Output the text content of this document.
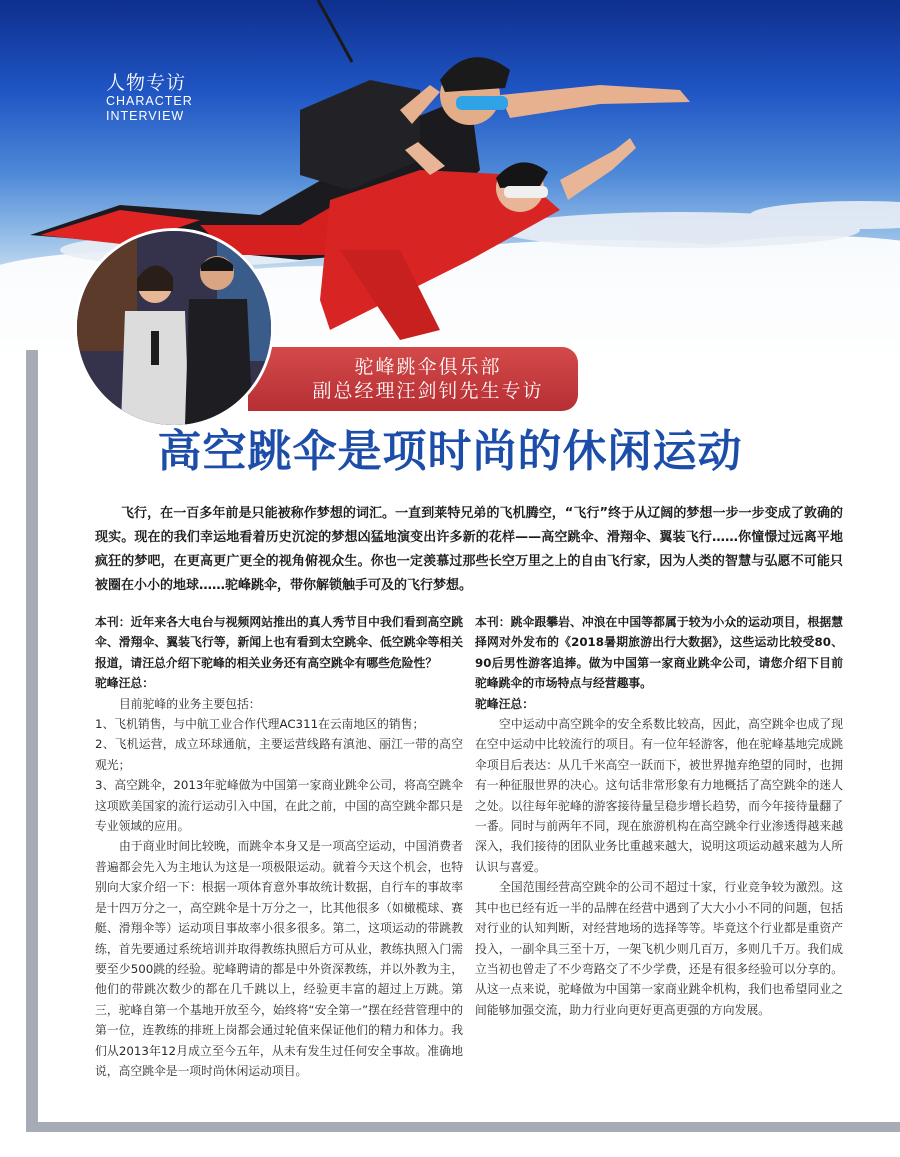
人物专访
CHARACTER
INTERVIEW
驼峰跳伞俱乐部
副总经理汪剑钊先生专访
高空跳伞是项时尚的休闲运动
飞行，在一百多年前是只能被称作梦想的词汇。一直到莱特兄弟的飞机腾空，“飞行”终于从辽阔的梦想一步一步变成了敦确的现实。现在的我们幸运地看着历史沉淀的梦想凶猛地演变出许多新的花样——高空跳伞、滑翔伞、翼装飞行……你憧憬过远离平地疯狂的梦吧，在更高更广更全的视角俯视众生。你也一定羡慕过那些长空万里之上的自由飞行家，因为人类的智慧与弘愿不可能只被圈在小小的地球……驼峰跳伞，带你解锁触手可及的飞行梦想。
本刊：近年来各大电台与视频网站推出的真人秀节目中我们看到高空跳伞、滑翔伞、翼装飞行等，新闻上也有看到太空跳伞、低空跳伞等相关报道，请汪总介绍下驼峰的相关业务还有高空跳伞有哪些危险性？
驼峰汪总：
目前驼峰的业务主要包括：
1、飞机销售，与中航工业合作代理AC311在云南地区的销售；
2、飞机运营，成立环球通航，主要运营线路有滇池、丽江一带的高空观光；
3、高空跳伞，2013年驼峰做为中国第一家商业跳伞公司，将高空跳伞这项欧美国家的流行运动引入中国，在此之前，中国的高空跳伞都只是专业领域的应用。
由于商业时间比较晚，而跳伞本身又是一项高空运动，中国消费者普遍都会先入为主地认为这是一项极限运动。就着今天这个机会，也特别向大家介绍一下：根据一项体育意外事故统计数据，自行车的事故率是十四万分之一，高空跳伞是十万分之一，比其他很多（如橄榄球、赛艇、滑翔伞等）运动项目事故率小很多很多。第二，这项运动的带跳教练，首先要通过系统培训并取得教练执照后方可从业，教练执照入门需要至少500跳的经验。驼峰聘请的都是中外资深教练，并以外教为主，他们的带跳次数少的都在几千跳以上，经验更丰富的超过上万跳。第三，驼峰自第一个基地开放至今，始终将“安全第一”摆在经营管理中的第一位，连教练的排班上岗都会通过轮值来保证他们的精力和体力。我们从2013年12月成立至今五年，从未有发生过任何安全事故。准确地说，高空跳伞是一项时尚休闲运动项目。
本刊：跳伞跟攀岩、冲浪在中国等都属于较为小众的运动项目，根据慧择网对外发布的《2018暑期旅游出行大数据》，这些运动比较受80、90后男性游客追捧。做为中国第一家商业跳伞公司，请您介绍下目前驼峰跳伞的市场特点与经营趣事。
驼峰汪总：
空中运动中高空跳伞的安全系数比较高，因此，高空跳伞也成了现在空中运动中比较流行的项目。有一位年轻游客，他在驼峰基地完成跳伞项目后表达：从几千米高空一跃而下，被世界抛弃绝望的同时，也拥有一种征服世界的决心。这句话非常形象有力地概括了高空跳伞的迷人之处。以往每年驼峰的游客接待量呈稳步增长趋势，而今年接待量翻了一番。同时与前两年不同，现在旅游机构在高空跳伞行业渗透得越来越深入，我们接待的团队业务比重越来越大，说明这项运动越来越为人所认识与喜爱。
全国范围经营高空跳伞的公司不超过十家，行业竞争较为激烈。这其中也已经有近一半的品牌在经营中遇到了大大小小不同的问题，包括对行业的认知判断，对经营地场的选择等等。毕竟这个行业都是重资产投入，一副伞具三至十万，一架飞机少则几百万，多则几千万。我们成立当初也曾走了不少弯路交了不少学费，还是有很多经验可以分享的。从这一点来说，驼峰做为中国第一家商业跳伞机构，我们也希望同业之间能够加强交流，助力行业向更好更高更强的方向发展。
